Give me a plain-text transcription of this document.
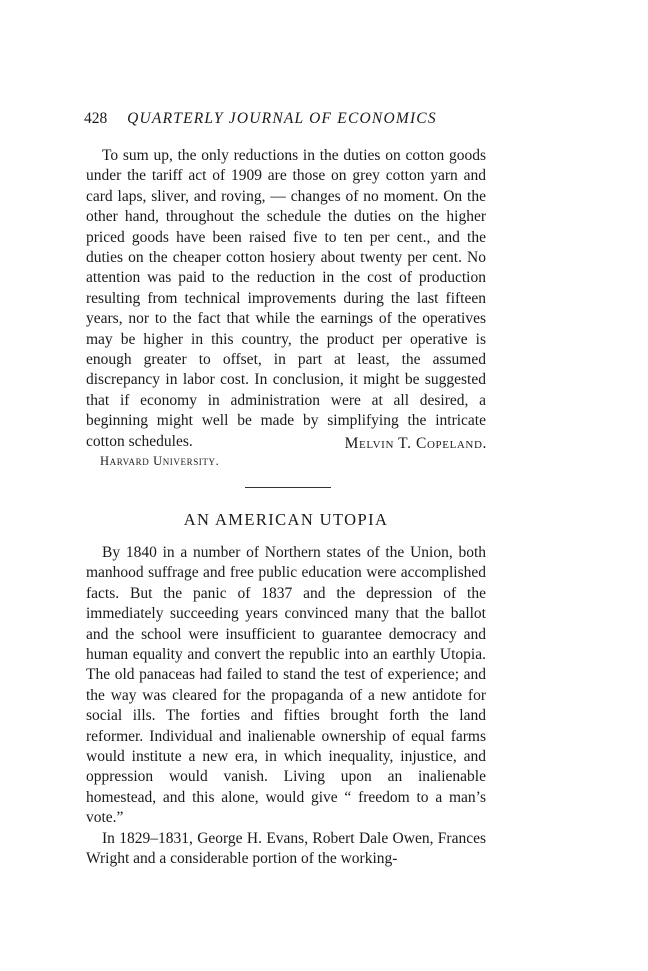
428 QUARTERLY JOURNAL OF ECONOMICS

To sum up, the only reductions in the duties on cotton goods under the tariff act of 1909 are those on grey cotton yarn and card laps, sliver, and roving, — changes of no moment. On the other hand, throughout the schedule the duties on the higher priced goods have been raised five to ten per cent., and the duties on the cheaper cotton hosiery about twenty per cent. No attention was paid to the reduction in the cost of production resulting from technical improvements during the last fifteen years, nor to the fact that while the earnings of the operatives may be higher in this country, the product per operative is enough greater to offset, in part at least, the assumed discrepancy in labor cost. In conclusion, it might be suggested that if economy in administration were at all desired, a beginning might well be made by simplifying the intricate cotton schedules.	Melvin T. Copeland.
Harvard University.
AN AMERICAN UTOPIA

By 1840 in a number of Northern states of the Union, both manhood suffrage and free public education were accomplished facts. But the panic of 1837 and the depression of the immediately succeeding years convinced many that the ballot and the school were insufficient to guarantee democracy and human equality and convert the republic into an earthly Utopia. The old panaceas had failed to stand the test of experience; and the way was cleared for the propaganda of a new antidote for social ills. The forties and fifties brought forth the land reformer. Individual and inalienable ownership of equal farms would institute a new era, in which inequality, injustice, and oppression would vanish. Living upon an inalienable homestead, and this alone, would give “ freedom to a man’s vote.”

In 1829–1831, George H. Evans, Robert Dale Owen, Frances Wright and a considerable portion of the working-
